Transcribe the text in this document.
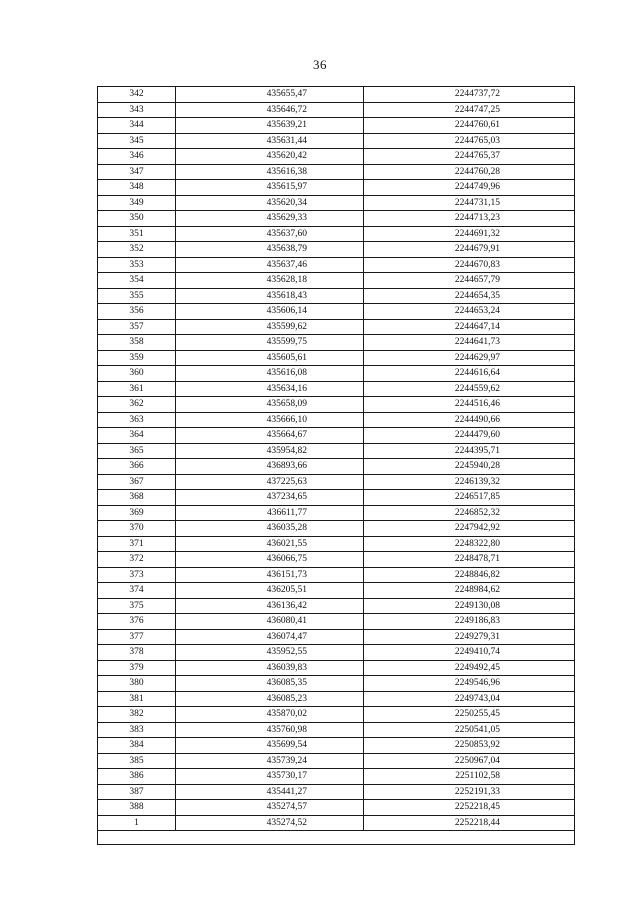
36
342	435655,47	2244737,72
343	435646,72	2244747,25
344	435639,21	2244760,61
345	435631,44	2244765,03
346	435620,42	2244765,37
347	435616,38	2244760,28
348	435615,97	2244749,96
349	435620,34	2244731,15
350	435629,33	2244713,23
351	435637,60	2244691,32
352	435638,79	2244679,91
353	435637,46	2244670,83
354	435628,18	2244657,79
355	435618,43	2244654,35
356	435606,14	2244653,24
357	435599,62	2244647,14
358	435599,75	2244641,73
359	435605,61	2244629,97
360	435616,08	2244616,64
361	435634,16	2244559,62
362	435658,09	2244516,46
363	435666,10	2244490,66
364	435664,67	2244479,60
365	435954,82	2244395,71
366	436893,66	2245940,28
367	437225,63	2246139,32
368	437234,65	2246517,85
369	436611,77	2246852,32
370	436035,28	2247942,92
371	436021,55	2248322,80
372	436066,75	2248478,71
373	436151,73	2248846,82
374	436205,51	2248984,62
375	436136,42	2249130,08
376	436080,41	2249186,83
377	436074,47	2249279,31
378	435952,55	2249410,74
379	436039,83	2249492,45
380	436085,35	2249546,96
381	436085,23	2249743,04
382	435870,02	2250255,45
383	435760,98	2250541,05
384	435699,54	2250853,92
385	435739,24	2250967,04
386	435730,17	2251102,58
387	435441,27	2252191,33
388	435274,57	2252218,45
1	435274,52	2252218,44
